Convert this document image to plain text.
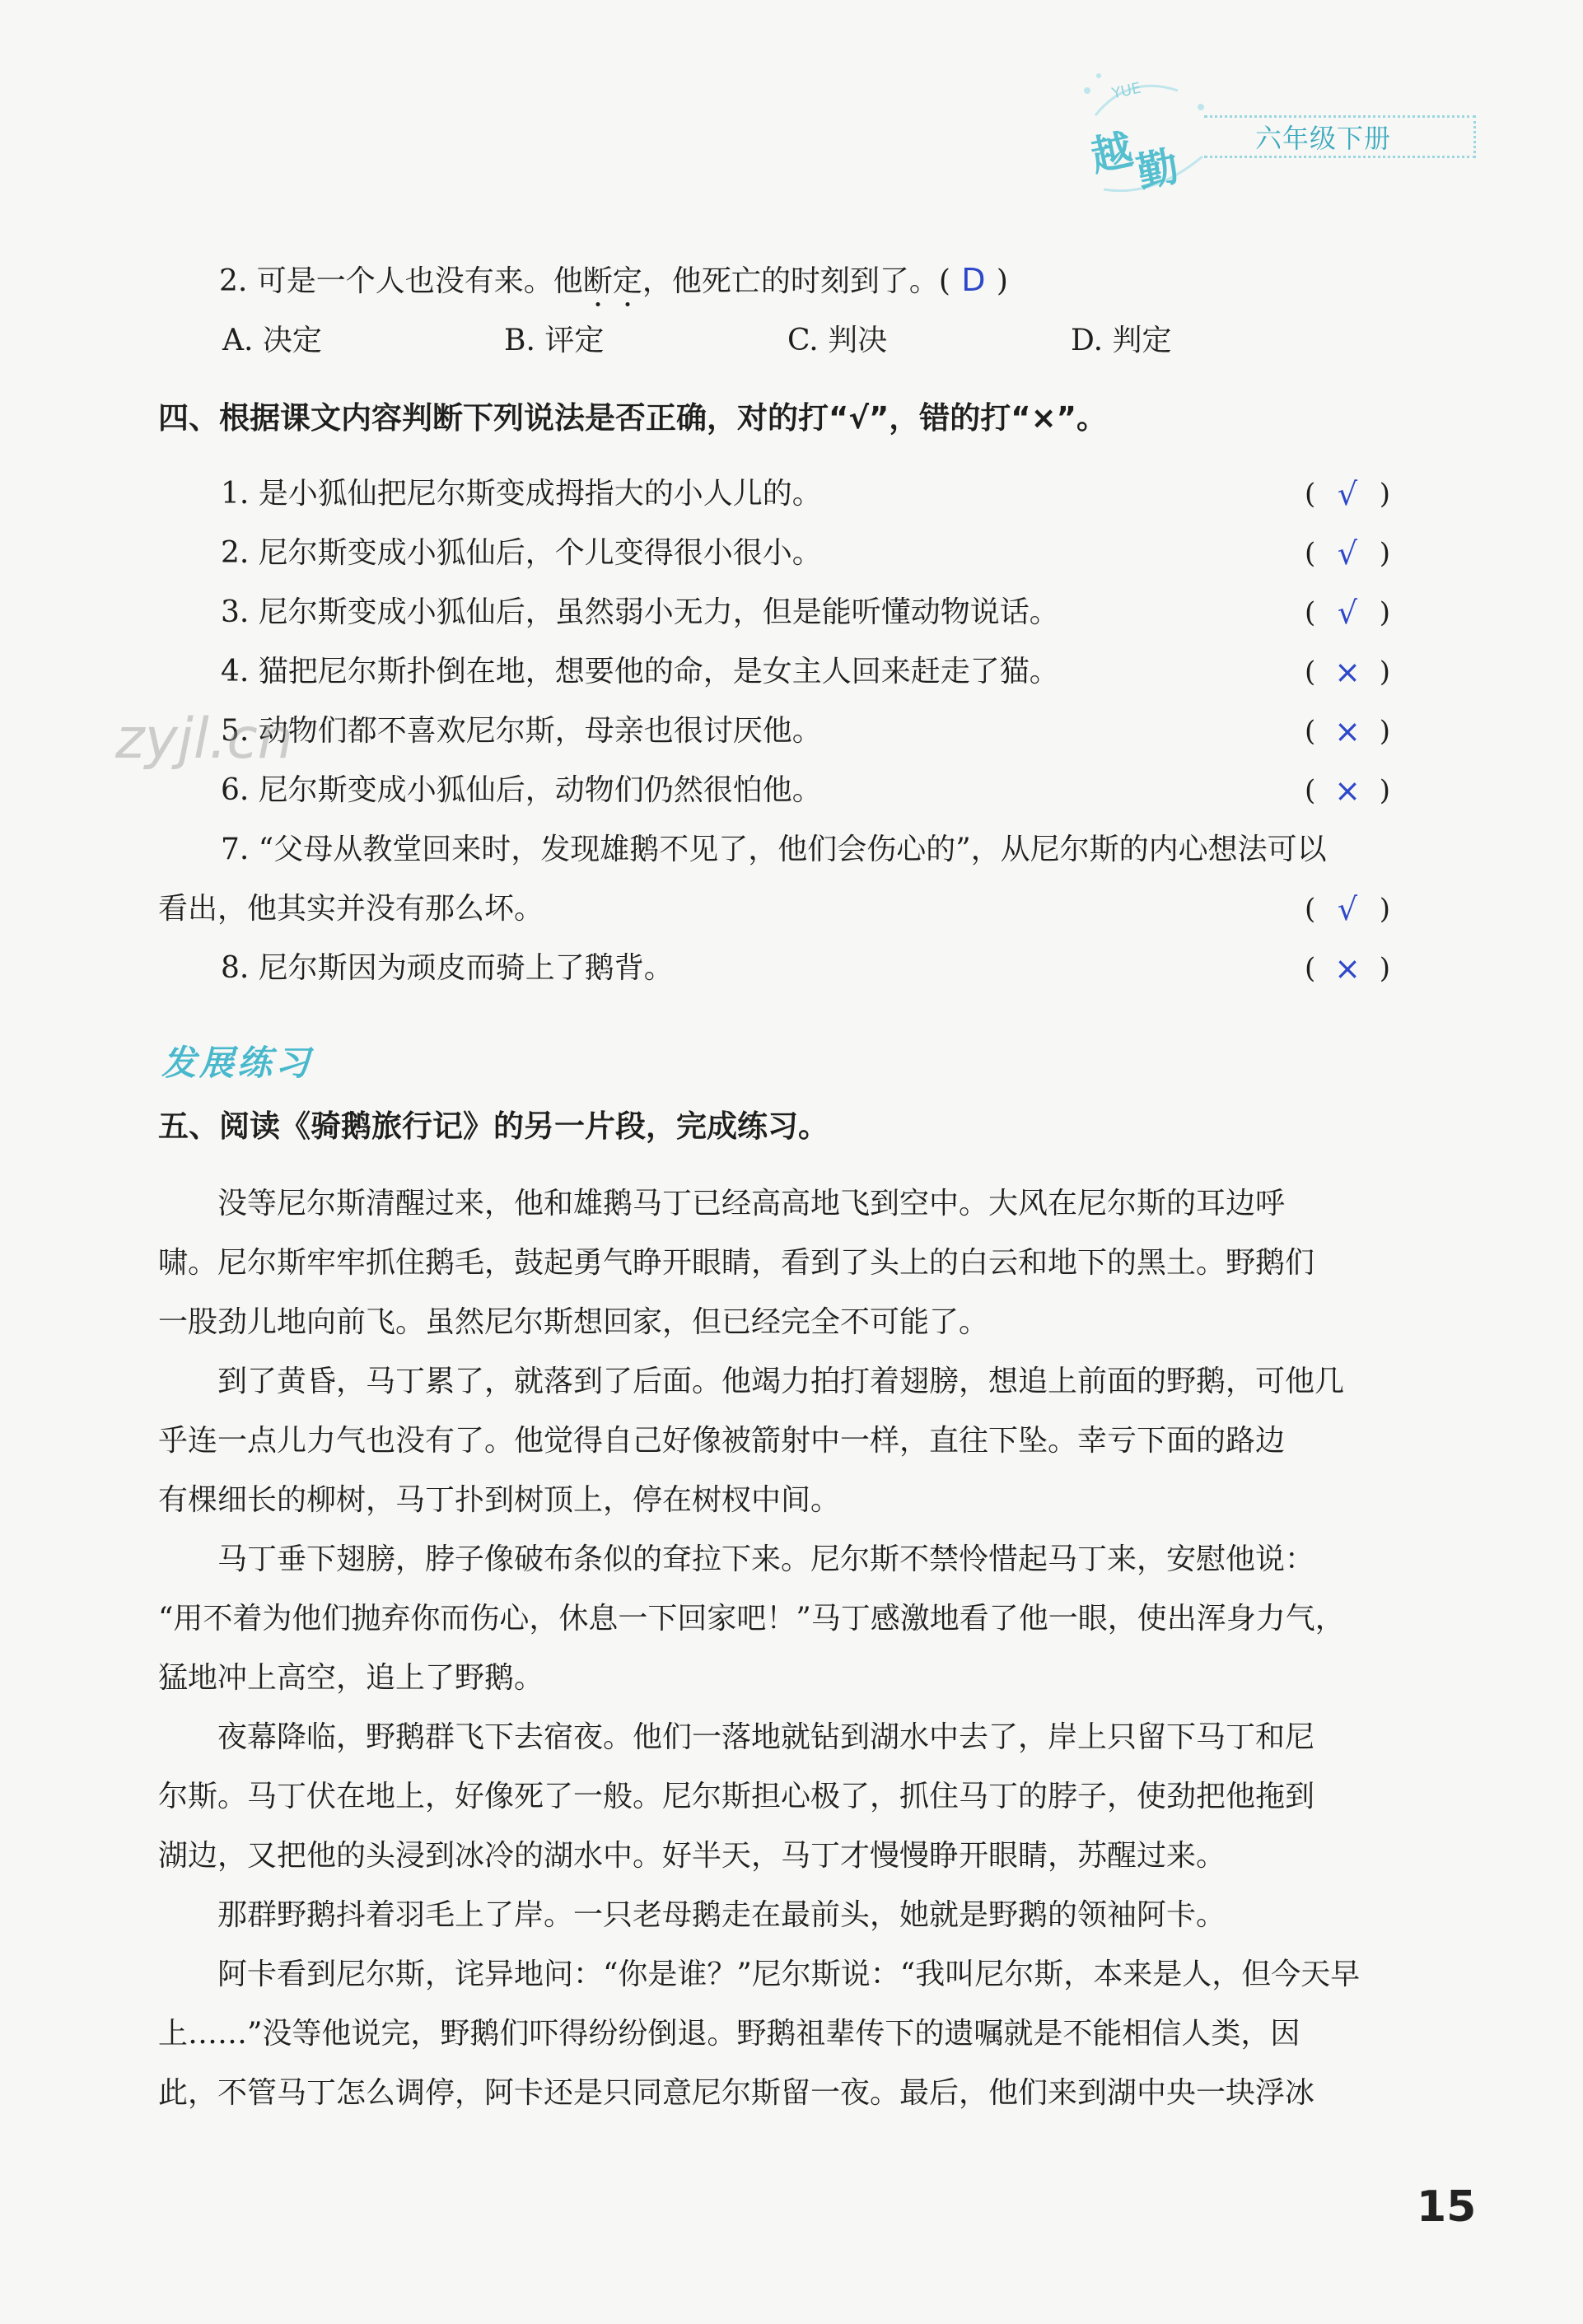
YUE
越
勤
六年级下册
2. 可是一个人也没有来。他断定，他死亡的时刻到了。( D )
A. 决定	B. 评定	C. 判决	D. 判定
四、根据课文内容判断下列说法是否正确，对的打“√”，错的打“×”。
1. 是小狐仙把尼尔斯变成拇指大的小人儿的。	( √ )
2. 尼尔斯变成小狐仙后，个儿变得很小很小。	( √ )
3. 尼尔斯变成小狐仙后，虽然弱小无力，但是能听懂动物说话。	( √ )
4. 猫把尼尔斯扑倒在地，想要他的命，是女主人回来赶走了猫。	( × )
5. 动物们都不喜欢尼尔斯，母亲也很讨厌他。	( × )
6. 尼尔斯变成小狐仙后，动物们仍然很怕他。	( × )
7. “父母从教堂回来时，发现雄鹅不见了，他们会伤心的”，从尼尔斯的内心想法可以
看出，他其实并没有那么坏。	( √ )
8. 尼尔斯因为顽皮而骑上了鹅背。	( × )
zyjl.cn
发展练习
五、阅读《骑鹅旅行记》的另一片段，完成练习。
　　没等尼尔斯清醒过来，他和雄鹅马丁已经高高地飞到空中。大风在尼尔斯的耳边呼
啸。尼尔斯牢牢抓住鹅毛，鼓起勇气睁开眼睛，看到了头上的白云和地下的黑土。野鹅们
一股劲儿地向前飞。虽然尼尔斯想回家，但已经完全不可能了。
　　到了黄昏，马丁累了，就落到了后面。他竭力拍打着翅膀，想追上前面的野鹅，可他几
乎连一点儿力气也没有了。他觉得自己好像被箭射中一样，直往下坠。幸亏下面的路边
有棵细长的柳树，马丁扑到树顶上，停在树杈中间。
　　马丁垂下翅膀，脖子像破布条似的耷拉下来。尼尔斯不禁怜惜起马丁来，安慰他说：
“用不着为他们抛弃你而伤心，休息一下回家吧！”马丁感激地看了他一眼，使出浑身力气，
猛地冲上高空，追上了野鹅。
　　夜幕降临，野鹅群飞下去宿夜。他们一落地就钻到湖水中去了，岸上只留下马丁和尼
尔斯。马丁伏在地上，好像死了一般。尼尔斯担心极了，抓住马丁的脖子，使劲把他拖到
湖边，又把他的头浸到冰冷的湖水中。好半天，马丁才慢慢睁开眼睛，苏醒过来。
　　那群野鹅抖着羽毛上了岸。一只老母鹅走在最前头，她就是野鹅的领袖阿卡。
　　阿卡看到尼尔斯，诧异地问：“你是谁？”尼尔斯说：“我叫尼尔斯，本来是人，但今天早
上……”没等他说完，野鹅们吓得纷纷倒退。野鹅祖辈传下的遗嘱就是不能相信人类，因
此，不管马丁怎么调停，阿卡还是只同意尼尔斯留一夜。最后，他们来到湖中央一块浮冰
15
